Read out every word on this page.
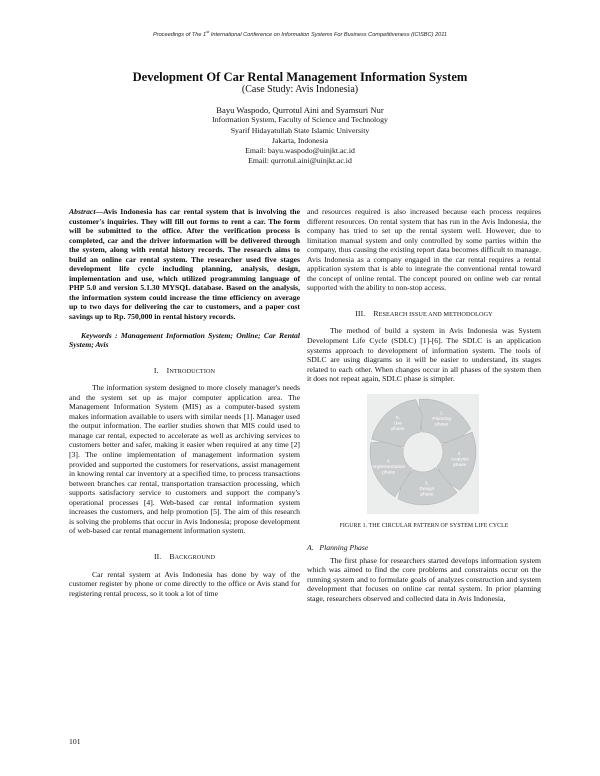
Proceedings of The 1st International Conference on Information Systems For Business Competitiveness (ICISBC) 2011
Development Of Car Rental Management Information System
(Case Study: Avis Indonesia)
Bayu Waspodo, Qurrotul Aini and Syamsuri Nur
Information System, Faculty of Science and Technology
Syarif Hidayatullah State Islamic University
Jakarta, Indonesia
Email: bayu.waspodo@uinjkt.ac.id
Email: qurrotul.aini@uinjkt.ac.id

Abstract—Avis Indonesia has car rental system that is involving the customer's inquiries. They will fill out forms to rent a car. The form will be submitted to the office. After the verification process is completed, car and the driver information will be delivered through the system, along with rental history records. The research aims to build an online car rental system. The researcher used five stages development life cycle including planning, analysis, design, implementation and use, which utilized programming language of PHP 5.0 and version 5.1.30 MYSQL database. Based on the analysis, the information system could increase the time efficiency on average up to two days for delivering the car to customers, and a paper cost savings up to Rp. 750,000 in rental history records.

Keywords : Management Information System; Online; Car Rental System; Avis

I. INTRODUCTION

The information system designed to more closely manager's needs and the system set up as major computer application area. The Management Information System (MIS) as a computer-based system makes information available to users with similar needs [1]. Manager used the output information. The earlier studies shown that MIS could used to manage car rental, expected to accelerate as well as archiving services to customers better and safer, making it easier when required at any time [2] [3]. The online implementation of management information system provided and supported the customers for reservations, assist management in knowing rental car inventory at a specified time, to process transactions between branches car rental, transportation transaction processing, which supports satisfactory service to customers and support the company's operational processes [4]. Web-based car rental information system increases the customers, and help promotion [5]. The aim of this research is solving the problems that occur in Avis Indonesia; propose development of web-based car rental management information system.

II. BACKGROUND

Car rental system at Avis Indonesia has done by way of the customer register by phone or come directly to the office or Avis stand for registering rental process, so it took a lot of time

and resources required is also increased because each process requires different resources. On rental system that has run in the Avis Indonesia, the company has tried to set up the rental system well. However, due to limitation manual system and only controlled by some parties within the company, thus causing the existing report data becomes difficult to manage. Avis Indonesia as a company engaged in the car rental requires a rental application system that is able to integrate the conventional rental toward the concept of online rental. The concept poured on online web car rental supported with the ability to non-stop access.

III. RESEARCH ISSUE AND METHODOLOGY

The method of build a system in Avis Indonesia was System Development Life Cycle (SDLC) [1]-[6]. The SDLC is an application systems approach to development of information system. The tools of SDLC are using diagrams so it will be easier to understand, its stages related to each other. When changes occur in all phases of the system then it does not repeat again, SDLC phase is simpler.

1.
Planning
phase
2.
Analysis
phase
3.
Design
phase
4.
Implementation
phase
5.
Use
phase
FIGURE 1. THE CIRCULAR PATTERN OF SYSTEM LIFE CYCLE
A. Planning Phase

The first phase for researchers started develops information system which was aimed to find the core problems and constraints occur on the running system and to formulate goals of analyzes construction and system development that focuses on online car rental system. In prior planning stage, researchers observed and collected data in Avis Indonesia,

101
